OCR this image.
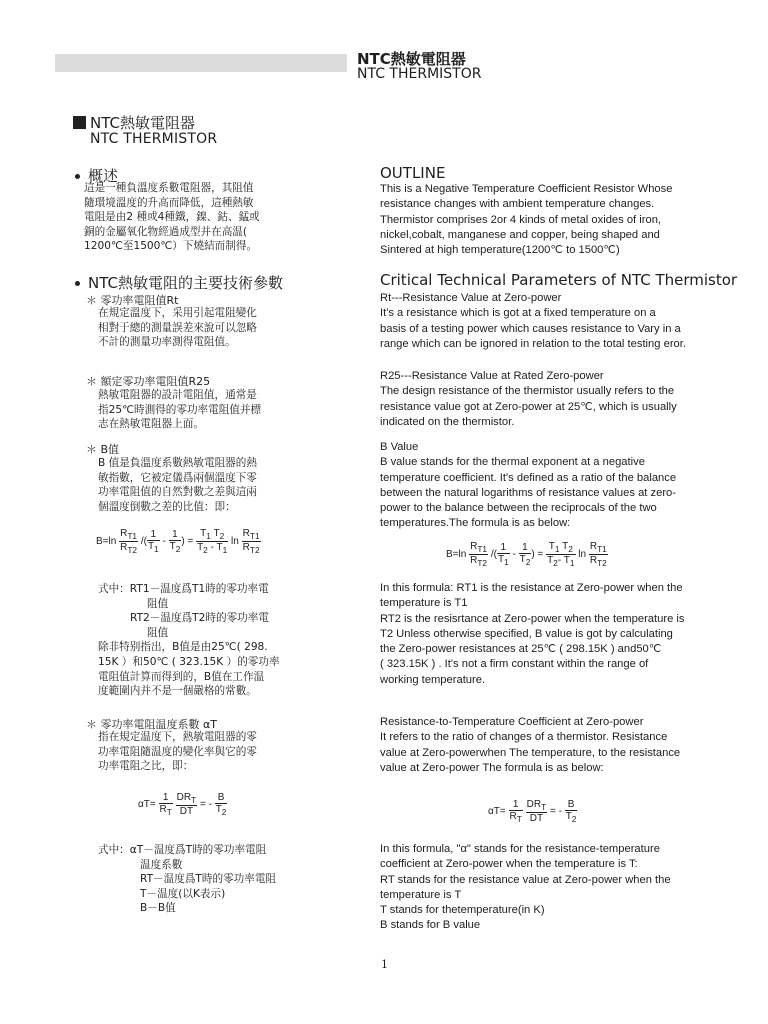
NTC熱敏電阻器
NTC THERMISTOR
NTC熱敏電阻器
NTC THERMISTOR
概述	OUTLINE
這是一種負溫度系數電阻器，其阻值
隨環境溫度的升高而降低，這種熱敏
電阻是由2 種或4種鐵，鎳、鈷、錳或
銅的金屬氧化物經過成型并在高温(
1200℃至1500℃）下燒結而制得。
This is a Negative Temperature Coefficient Resistor Whose
resistance changes with ambient temperature changes.
Thermistor comprises 2or 4 kinds of metal oxides of iron,
nickel,cobalt, manganese and copper, being shaped and
Sintered at high temperature(1200℃ to 1500℃)
NTC熱敏電阻的主要技術參數	Critical Technical Parameters of NTC Thermistor
＊ 零功率電阻值Rt
在規定溫度下，采用引起電阻變化
相對于總的測量誤差來說可以忽略
不計的測量功率測得電阻值。
Rt---Resistance Value at Zero-power
It's a resistance which is got at a fixed temperature on a
basis of a testing power which causes resistance to Vary in a
range which can be ignored in relation to the total testing eror.
＊ 額定零功率電阻值R25
熱敏電阻器的設計電阻值，通常是
指25℃時測得的零功率電阻值并標
志在熱敏電阻器上面。
R25---Resistance Value at Rated Zero-power
The design resistance of the thermistor usually refers to the
resistance value got at Zero-power at 25℃, which is usually
indicated on the thermistor.
＊ B值
B 值是負溫度系數熱敏電阻器的熱
敏指數，它被定儀爲兩個溫度下零
功率電阻值的自然對數之差與這兩
個溫度倒數之差的比值：即：
B Value
B value stands for the thermal exponent at a negative
temperature coefficient. It's defined as a ratio of the balance
between the natural logarithms of resistance values at zero-
power to the balance between the reciprocals of the two
temperatures.The formula is as below:
$B=\ln \frac{R_{T1}}{R_{T2}}$ /( $\frac{1}{T_1} - \frac{1}{T_2}$ ) = $\frac{T_1 T_2}{T_2 - T_1}$ $\ln \frac{R_{T1}}{R_{T2}}$	$B=\ln \frac{R_{T1}}{R_{T2}}$ /( $\frac{1}{T_1} - \frac{1}{T_2}$ ) = $\frac{T_1 T_2}{T_2- T_1}$ $\ln \frac{R_{T1}}{R_{T2}}$
式中：RT1－温度爲T1時的零功率電
阻值
RT2－温度爲T2時的零功率電
阻值
除非特别指出，B值是由25℃( 298.
15K ）和50℃ ( 323.15K ）的零功率
電阻值計算而得到的，B值在工作温
度範圍内并不是一個嚴格的常數。
In this formula: RT1 is the resistance at Zero-power when the
temperature is T1
RT2 is the resisrtance at Zero-power when the temperature is
T2 Unless otherwise specified, B value is got by calculating
the Zero-power resistances at 25℃ ( 298.15K ) and50℃
( 323.15K ) . It's not a firm constant within the range of
working temperature.
＊ 零功率電阻温度系數 αT
指在規定温度下，熱敏電阻器的零
功率電阻隨温度的變化率與它的零
功率電阻之比，即：
Resistance-to-Temperature Coefficient at Zero-power
It refers to the ratio of changes of a thermistor. Resistance
value at Zero-powerwhen The temperature, to the resistance
value at Zero-power The formula is as below:
$\alpha T= \frac{1}{R_T}$
$\frac{DR_T}{DT}$ = - $\frac{B}{T_2}$	$\alpha T= \frac{1}{R_T}$
$\frac{DR_T}{DT}$ = - $\frac{B}{T_2}$
式中：αT－温度爲T時的零功率電阻
温度系數
RT－温度爲T時的零功率電阻
T－温度(以K表示)
B－B值
In this formula, "α" stands for the resistance-temperature
coefficient at Zero-power when the temperature is T:
RT stands for the resistance value at Zero-power when the
temperature is T
T stands for thetemperature(in K)
B stands for B value
1
